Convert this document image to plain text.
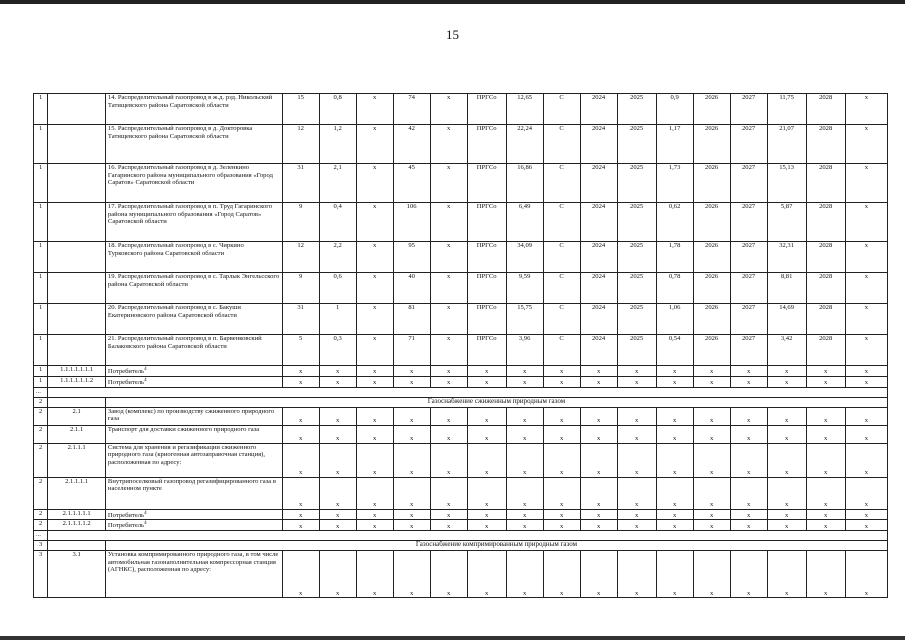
15
1		14. Распределительный газопровод в ж.д. рзд. Никольский Татищевского района Саратовской области	15	0,8	x	74	x	ПРГСо	12,65	С	2024	2025	0,9	2026	2027	11,75	2028	x
1		15. Распределительный газопровод в д. Докторовка Татищевского района Саратовской области	12	1,2	x	42	x	ПРГСо	22,24	С	2024	2025	1,17	2026	2027	21,07	2028	x
1		16. Распределительный газопровод в д. Зеленкино Гагаринского района муниципального образования «Город Саратов» Саратовской области	31	2,1	x	45	x	ПРГСо	16,86	С	2024	2025	1,73	2026	2027	15,13	2028	x
1		17. Распределительный газопровод в п. Труд Гагаринского района муниципального образования «Город Саратов» Саратовской области	9	0,4	x	106	x	ПРГСо	6,49	С	2024	2025	0,62	2026	2027	5,87	2028	x
1		18. Распределительный газопровод в с. Чиркино Турковского района Саратовской области	12	2,2	x	95	x	ПРГСо	34,09	С	2024	2025	1,78	2026	2027	32,31	2028	x
1		19. Распределительный газопровод в с. Тарлык Энгельсского района Саратовской области	9	0,6	x	40	x	ПРГСо	9,59	С	2024	2025	0,78	2026	2027	8,81	2028	x
1		20. Распределительный газопровод в с. Бакуши Екатериновского района Саратовской области	31	1	x	81	x	ПРГСо	15,75	С	2024	2025	1,06	2026	2027	14,69	2028	x
1		21. Распределительный газопровод в п. Барвенковский Балаковского района Саратовской области	5	0,3	x	71	x	ПРГСо	3,96	С	2024	2025	0,54	2026	2027	3,42	2028	x
1	1.1.1.1.1.1.1	Потребитель$^4$	x	x	x	x	x	x	x	x	x	x	x	x	x	x	x	x
1	1.1.1.1.1.1.2	Потребитель$^4$	x	x	x	x	x	x	x	x	x	x	x	x	x	x	x	x
...																		
2		Газоснабжение сжиженным природным газом																
2	2.1	Завод (комплекс) по производству сжиженного природного газа	x	x	x	x	x	x	x	x	x	x	x	x	x	x	x	x
2	2.1.1	Транспорт для доставки сжиженного природного газа	x	x	x	x	x	x	x	x	x	x	x	x	x	x	x	x
2	2.1.1.1	Система для хранения и регазификации сжиженного природного газа (криогенная автозаправочная станция), расположенная по адресу:	x	x	x	x	x	x	x	x	x	x	x	x	x	x	x	x
2	2.1.1.1.1	Внутрипоселковый газопровод регазифицированного газа в населенном пункте	x	x	x	x	x	x	x	x	x	x	x	x	x	x	x	x
2	2.1.1.1.1.1	Потребитель$^4$	x	x	x	x	x	x	x	x	x	x	x	x	x	x	x	x
2	2.1.1.1.1.2	Потребитель$^4$	x	x	x	x	x	x	x	x	x	x	x	x	x	x	x	x
...																		
3		Газоснабжение компримированным природным газом																
3	3.1	Установка компримированного природного газа, в том числе автомобильная газонаполнительная компрессорная станция (АГНКС), расположенная по адресу:	x	x	x	x	x	x	x	x	x	x	x	x	x	x	x	x
